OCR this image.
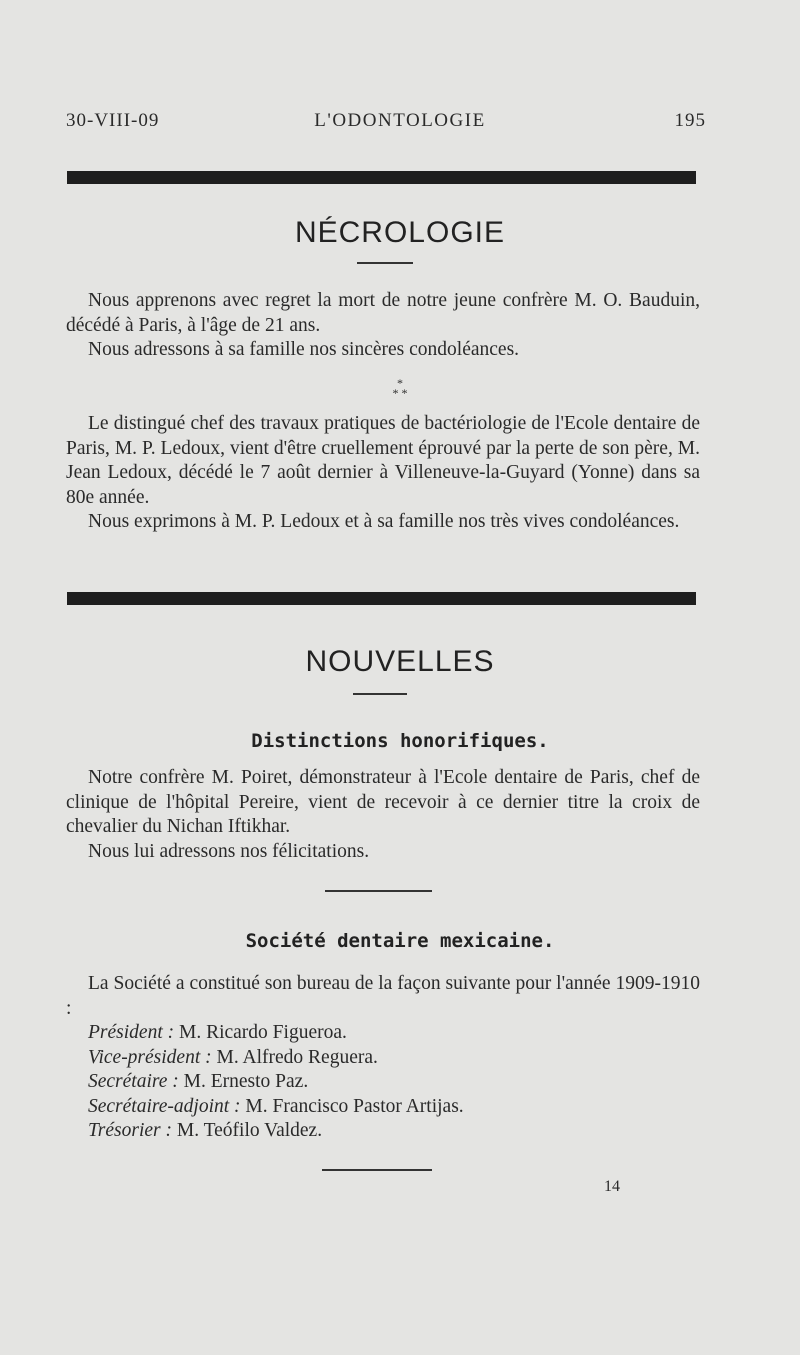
L'ODONTOLOGIE
30-VIII-09	195
NÉCROLOGIE

Nous apprenons avec regret la mort de notre jeune confrère M. O. Bauduin, décédé à Paris, à l'âge de 21 ans.

Nous adressons à sa famille nos sincères condoléances.

*
* *

Le distingué chef des travaux pratiques de bactériologie de l'Ecole dentaire de Paris, M. P. Ledoux, vient d'être cruellement éprouvé par la perte de son père, M. Jean Ledoux, décédé le 7 août dernier à Villeneuve-la-Guyard (Yonne) dans sa 80e année.

Nous exprimons à M. P. Ledoux et à sa famille nos très vives condoléances.

NOUVELLES
Distinctions honorifiques.

Notre confrère M. Poiret, démonstrateur à l'Ecole dentaire de Paris, chef de clinique de l'hôpital Pereire, vient de recevoir à ce dernier titre la croix de chevalier du Nichan Iftikhar.

Nous lui adressons nos félicitations.

Société dentaire mexicaine.

La Société a constitué son bureau de la façon suivante pour l'année 1909-1910 :

Président : M. Ricardo Figueroa.
Vice-président : M. Alfredo Reguera.
Secrétaire : M. Ernesto Paz.
Secrétaire-adjoint : M. Francisco Pastor Artijas.
Trésorier : M. Teófilo Valdez.
14
